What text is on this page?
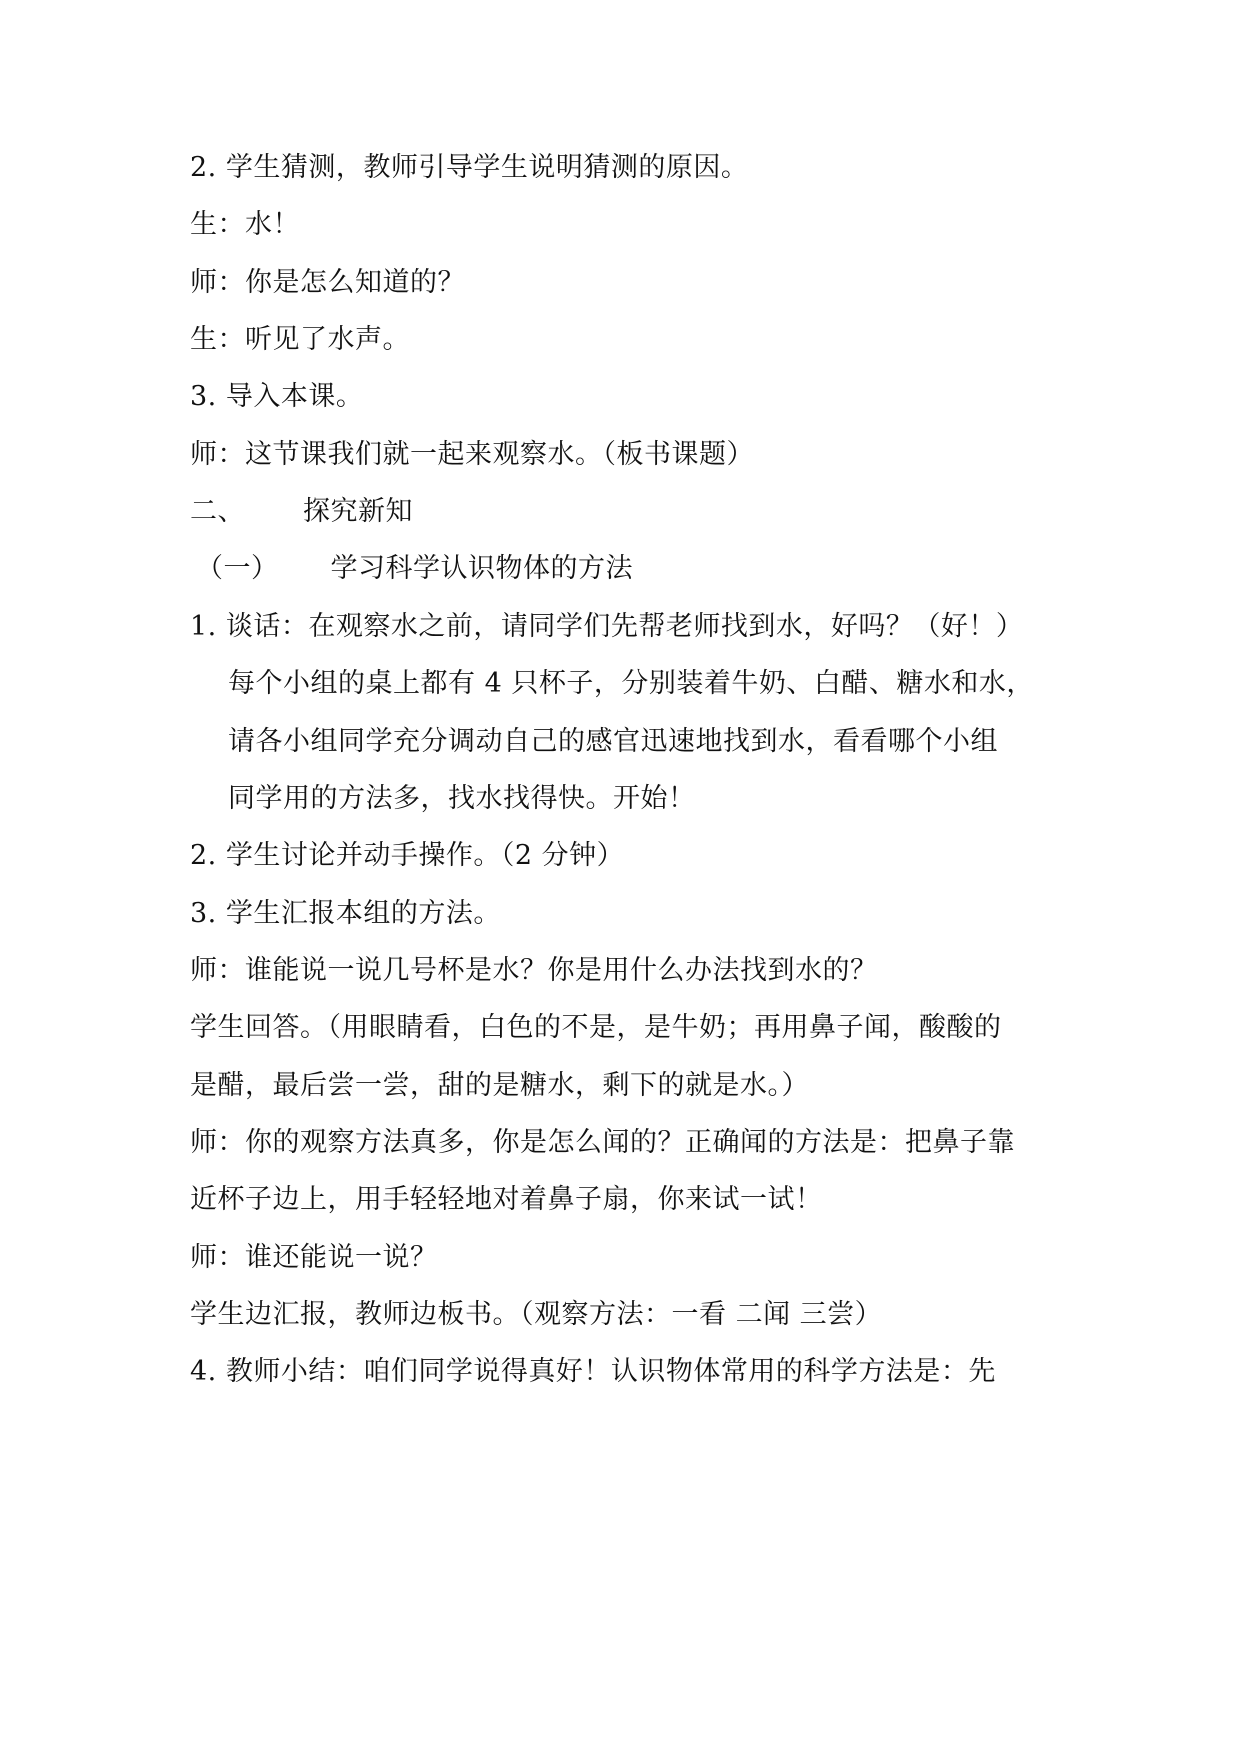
2. 学生猜测，教师引导学生说明猜测的原因。
生：水！
师：你是怎么知道的？
生：听见了水声。
3. 导入本课。
师：这节课我们就一起来观察水。（板书课题）
二、 探究新知
（一） 学习科学认识物体的方法
1. 谈话：在观察水之前，请同学们先帮老师找到水，好吗？（好！）
每个小组的桌上都有 4 只杯子，分别装着牛奶、白醋、糖水和水，
请各小组同学充分调动自己的感官迅速地找到水，看看哪个小组
同学用的方法多，找水找得快。开始！
2. 学生讨论并动手操作。（2 分钟）
3. 学生汇报本组的方法。
师：谁能说一说几号杯是水？你是用什么办法找到水的？
学生回答。（用眼睛看，白色的不是，是牛奶；再用鼻子闻，酸酸的
是醋，最后尝一尝，甜的是糖水，剩下的就是水。）
师：你的观察方法真多，你是怎么闻的？正确闻的方法是：把鼻子靠
近杯子边上，用手轻轻地对着鼻子扇，你来试一试！
师：谁还能说一说？
学生边汇报，教师边板书。（观察方法：一看 二闻 三尝）
4. 教师小结：咱们同学说得真好！认识物体常用的科学方法是：先
